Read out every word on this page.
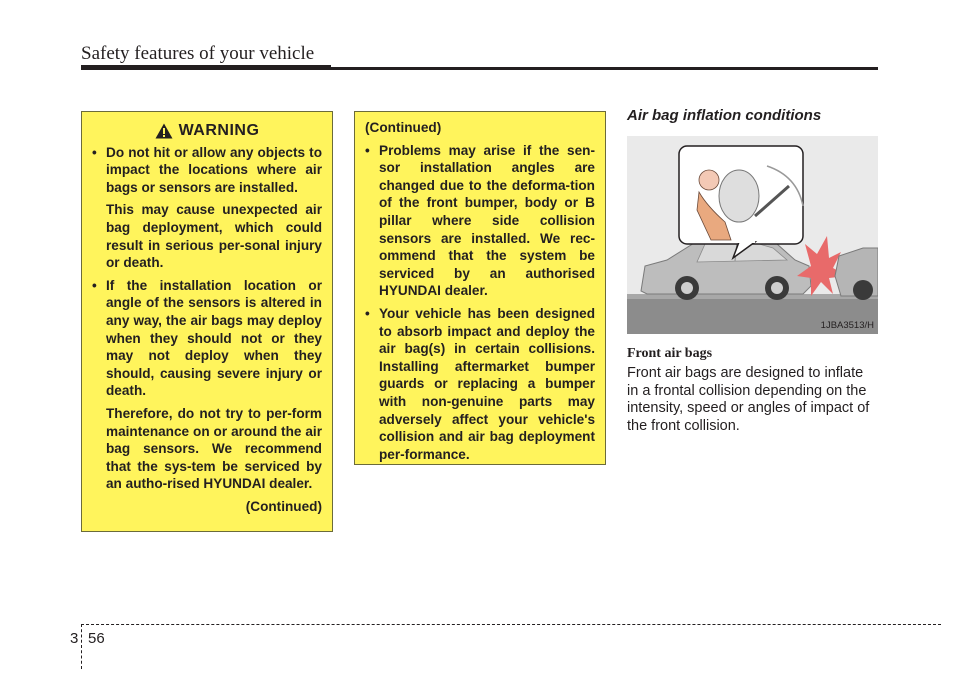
Safety features of your vehicle
WARNING
• Do not hit or allow any objects to impact the locations where air bags or sensors are installed.
This may cause unexpected air bag deployment, which could result in serious per-sonal injury or death.
• If the installation location or angle of the sensors is altered in any way, the air bags may deploy when they should not or they may not deploy when they should, causing severe injury or death.
Therefore, do not try to per-form maintenance on or around the air bag sensors. We recommend that the sys-tem be serviced by an autho-rised HYUNDAI dealer.
(Continued)
(Continued)
• Problems may arise if the sen-sor installation angles are changed due to the deforma-tion of the front bumper, body or B pillar where side collision sensors are installed. We rec-ommend that the system be serviced by an authorised HYUNDAI dealer.
• Your vehicle has been designed to absorb impact and deploy the air bag(s) in certain collisions. Installing aftermarket bumper guards or replacing a bumper with non-genuine parts may adversely affect your vehicle's collision and air bag deployment per-formance.
Air bag inflation conditions
1JBA3513/H
Front air bags
Front air bags are designed to inflate in a frontal collision depending on the intensity, speed or angles of impact of the front collision.
3 56
